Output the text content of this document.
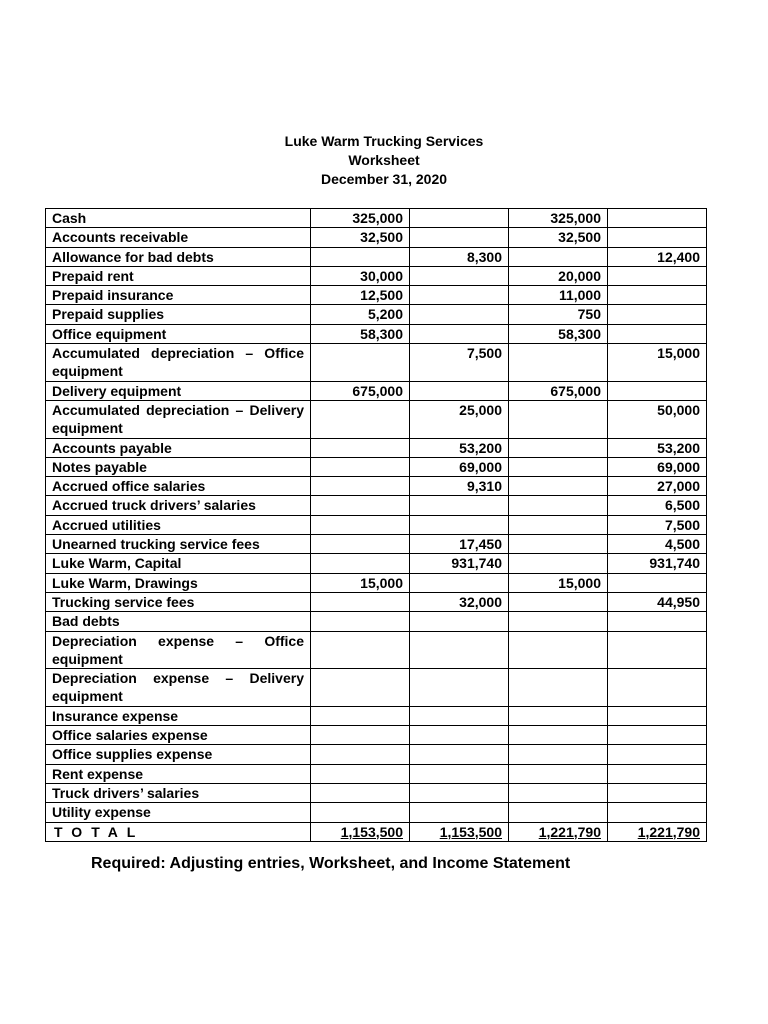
Luke Warm Trucking Services
Worksheet
December 31, 2020
Cash	325,000		325,000	
Accounts receivable	32,500		32,500	
Allowance for bad debts		8,300		12,400
Prepaid rent	30,000		20,000	
Prepaid insurance	12,500		11,000	
Prepaid supplies	5,200		750	
Office equipment	58,300		58,300	
Accumulated depreciation – Office equipment		7,500		15,000
Delivery equipment	675,000		675,000	
Accumulated depreciation – Delivery equipment		25,000		50,000
Accounts payable		53,200		53,200
Notes payable		69,000		69,000
Accrued office salaries		9,310		27,000
Accrued truck drivers’ salaries				6,500
Accrued utilities				7,500
Unearned trucking service fees		17,450		4,500
Luke Warm, Capital		931,740		931,740
Luke Warm, Drawings	15,000		15,000	
Trucking service fees		32,000		44,950
Bad debts				
Depreciation expense – Office equipment				
Depreciation expense – Delivery equipment				
Insurance expense				
Office salaries expense				
Office supplies expense				
Rent expense				
Truck drivers’ salaries				
Utility expense				
TOTAL	1,153,500	1,153,500	1,221,790	1,221,790
Required: Adjusting entries, Worksheet, and Income Statement
